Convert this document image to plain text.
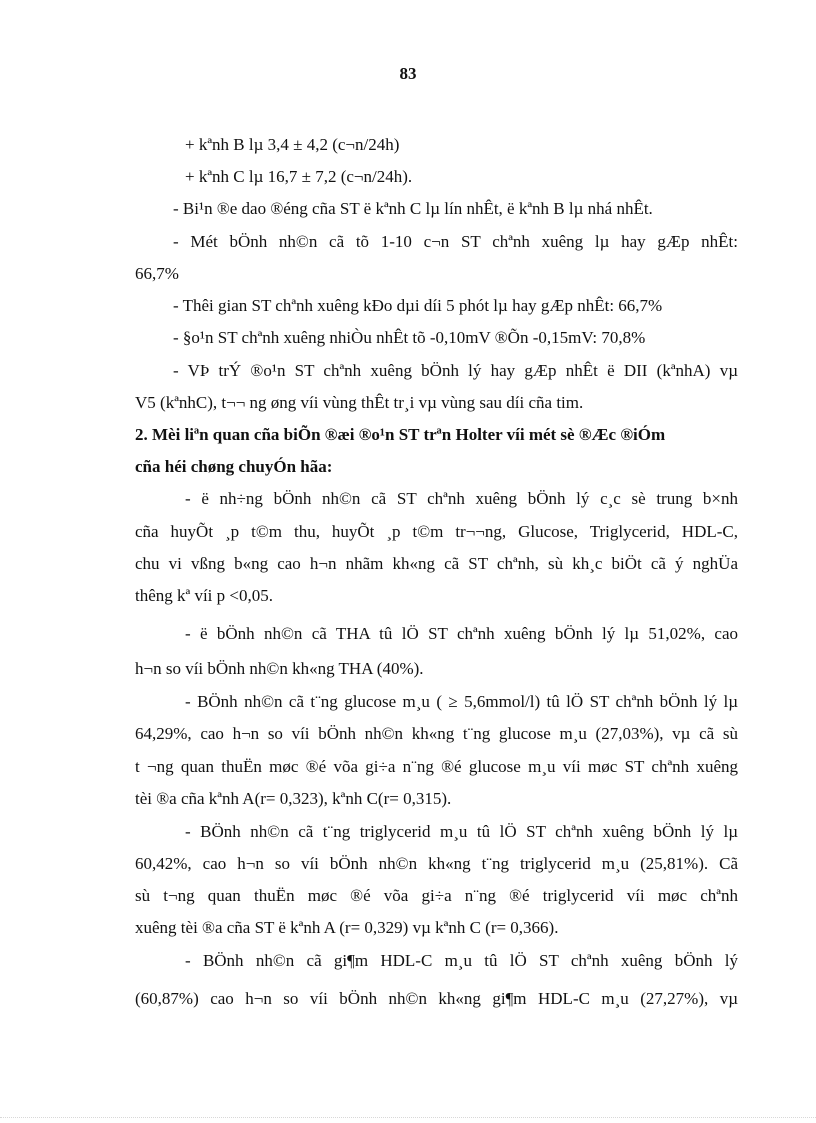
83
+ kªnh B lµ 3,4 ± 4,2 (c¬n/24h)
+ kªnh C lµ 16,7 ± 7,2 (c¬n/24h).
- Bi¹n ®e dao ®éng cña ST ë kªnh C lµ lín nhÊt, ë kªnh B lµ nhá nhÊt.
- Mét bÖnh nh©n cã tõ 1-10 c¬n ST chªnh xuêng lµ hay gÆp nhÊt:
66,7%
- Thêi gian ST chªnh xuêng kÐo dµi díi 5 phót lµ hay gÆp nhÊt: 66,7%
- §o¹n ST chªnh xuêng nhiÒu nhÊt tõ -0,10mV ®Õn -0,15mV: 70,8%
- VÞ trÝ ®o¹n ST chªnh xuêng bÖnh lý hay gÆp nhÊt ë DII (kªnhA) vµ
V5 (kªnhC), t¬¬ ng øng víi vùng thÊt tr¸i vµ vùng sau díi cña tim.
2. Mèi liªn quan cña biÕn ®æi ®o¹n ST trªn Holter víi mét sè ®Æc ®iÓm
cña héi chøng chuyÓn hãa:
- ë nh÷ng bÖnh nh©n cã ST chªnh xuêng bÖnh lý c¸c sè trung b×nh
cña huyÕt ¸p t©m thu, huyÕt ¸p t©m tr¬¬ng, Glucose, Triglycerid, HDL-C,
chu vi vßng b«ng cao h¬n nhãm kh«ng cã ST chªnh, sù kh¸c biÖt cã ý nghÜa
thêng kª víi p <0,05.
- ë bÖnh nh©n cã THA tû lÖ ST chªnh xuêng bÖnh lý lµ 51,02%, cao
h¬n so víi bÖnh nh©n kh«ng THA (40%).
- BÖnh nh©n cã t¨ng glucose m¸u ( ≥ 5,6mmol/l) tû lÖ ST chªnh bÖnh lý lµ
64,29%, cao h¬n so víi bÖnh nh©n kh«ng t¨ng glucose m¸u (27,03%), vµ cã sù
t ¬ng quan thuËn møc ®é võa gi÷a n¨ng ®é glucose m¸u víi møc ST chªnh xuêng
tèi ®a cña kªnh A(r= 0,323), kªnh C(r= 0,315).
- BÖnh nh©n cã t¨ng triglycerid m¸u tû lÖ ST chªnh xuêng bÖnh lý lµ
60,42%, cao h¬n so víi bÖnh nh©n kh«ng t¨ng triglycerid m¸u (25,81%). Cã
sù t¬ng quan thuËn møc ®é võa gi÷a n¨ng ®é triglycerid víi møc chªnh
xuêng tèi ®a cña ST ë kªnh A (r= 0,329) vµ kªnh C (r= 0,366).
- BÖnh nh©n cã gi¶m HDL-C m¸u tû lÖ ST chªnh xuêng bÖnh lý
(60,87%) cao h¬n so víi bÖnh nh©n kh«ng gi¶m HDL-C m¸u (27,27%), vµ
